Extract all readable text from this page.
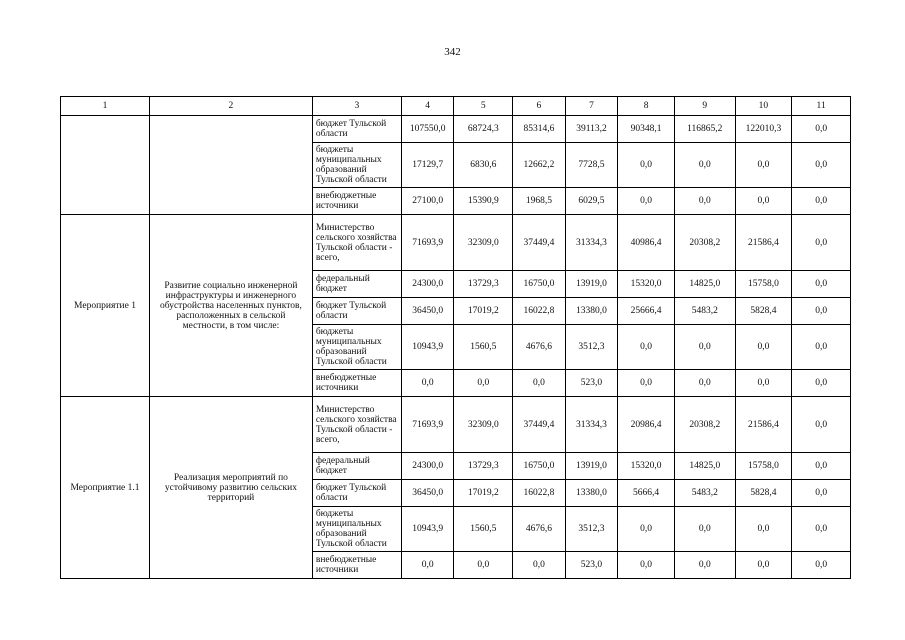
342
1	2	3	4	5	6	7	8	9	10	11
		бюджет Тульской области	107550,0	68724,3	85314,6	39113,2	90348,1	116865,2	122010,3	0,0
		бюджеты муниципальных образований Тульской области	17129,7	6830,6	12662,2	7728,5	0,0	0,0	0,0	0,0
		внебюджетные источники	27100,0	15390,9	1968,5	6029,5	0,0	0,0	0,0	0,0
Мероприятие 1	Развитие социально инженерной инфраструктуры и инженерного обустройства населенных пунктов, расположенных в сельской местности, в том числе:	Министерство сельского хозяйства Тульской области - всего,	71693,9	32309,0	37449,4	31334,3	40986,4	20308,2	21586,4	0,0
		федеральный бюджет	24300,0	13729,3	16750,0	13919,0	15320,0	14825,0	15758,0	0,0
		бюджет Тульской области	36450,0	17019,2	16022,8	13380,0	25666,4	5483,2	5828,4	0,0
		бюджеты муниципальных образований Тульской области	10943,9	1560,5	4676,6	3512,3	0,0	0,0	0,0	0,0
		внебюджетные источники	0,0	0,0	0,0	523,0	0,0	0,0	0,0	0,0
Мероприятие 1.1	Реализация мероприятий по устойчивому развитию сельских территорий	Министерство сельского хозяйства Тульской области - всего,	71693,9	32309,0	37449,4	31334,3	20986,4	20308,2	21586,4	0,0
		федеральный бюджет	24300,0	13729,3	16750,0	13919,0	15320,0	14825,0	15758,0	0,0
		бюджет Тульской области	36450,0	17019,2	16022,8	13380,0	5666,4	5483,2	5828,4	0,0
		бюджеты муниципальных образований Тульской области	10943,9	1560,5	4676,6	3512,3	0,0	0,0	0,0	0,0
		внебюджетные источники	0,0	0,0	0,0	523,0	0,0	0,0	0,0	0,0
